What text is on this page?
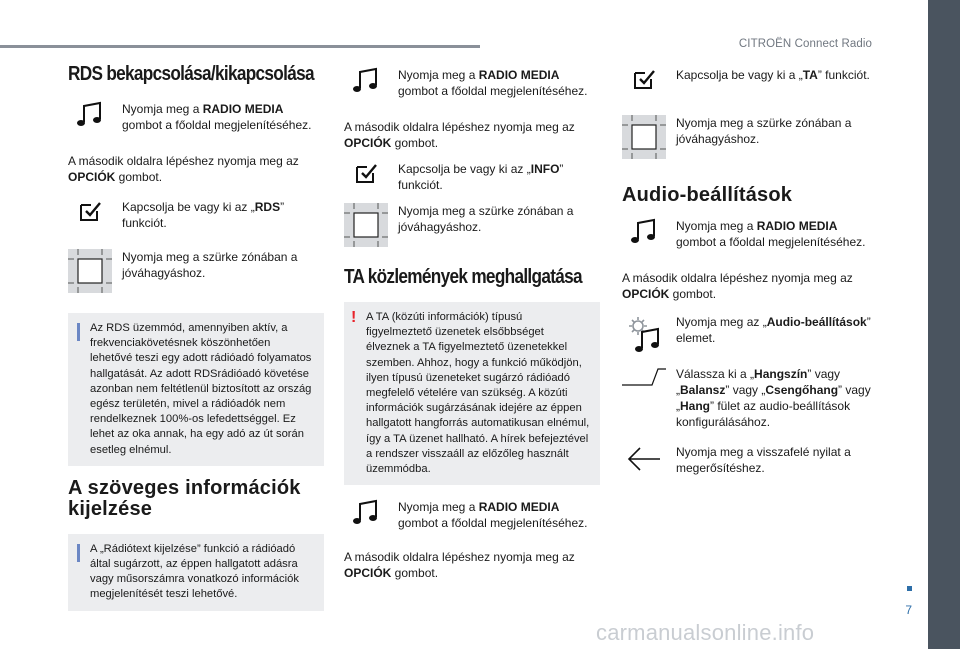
CITROËN Connect Radio
7
carmanualsonline.info
RDS bekapcsolása/kikapcsolása
Nyomja meg a RADIO MEDIA gombot a főoldal megjelenítéséhez.
A második oldalra lépéshez nyomja meg az OPCIÓK gombot.
Kapcsolja be vagy ki az „RDS” funkciót.
Nyomja meg a szürke zónában a jóváhagyáshoz.
Az RDS üzemmód, amennyiben aktív, a frekvenciakövetésnek köszönhetően lehetővé teszi egy adott rádióadó folyamatos hallgatását. Az adott RDSrádióadó követése azonban nem feltétlenül biztosított az ország egész területén, mivel a rádióadók nem rendelkeznek 100%-os lefedettséggel. Ez lehet az oka annak, ha egy adó az út során esetleg elnémul.
A szöveges információk kijelzése
A „Rádiótext kijelzése” funkció a rádióadó által sugárzott, az éppen hallgatott adásra vagy műsorszámra vonatkozó információk megjelenítését teszi lehetővé.
Nyomja meg a RADIO MEDIA gombot a főoldal megjelenítéséhez.
A második oldalra lépéshez nyomja meg az OPCIÓK gombot.
Kapcsolja be vagy ki az „INFO” funkciót.
Nyomja meg a szürke zónában a jóváhagyáshoz.
TA közlemények meghallgatása
! A TA (közúti információk) típusú figyelmeztető üzenetek elsőbbséget élveznek a TA figyelmeztető üzenetekkel szemben. Ahhoz, hogy a funkció működjön, ilyen típusú üzeneteket sugárzó rádióadó megfelelő vételére van szükség. A közúti információk sugárzásának idejére az éppen hallgatott hangforrás automatikusan elnémul, így a TA üzenet hallható. A hírek befejeztével a rendszer visszaáll az előzőleg használt üzemmódba.
Nyomja meg a RADIO MEDIA gombot a főoldal megjelenítéséhez.
A második oldalra lépéshez nyomja meg az OPCIÓK gombot.
Kapcsolja be vagy ki a „TA” funkciót.
Nyomja meg a szürke zónában a jóváhagyáshoz.
Audio-beállítások
Nyomja meg a RADIO MEDIA gombot a főoldal megjelenítéséhez.
A második oldalra lépéshez nyomja meg az OPCIÓK gombot.
Nyomja meg az „Audio-beállítások” elemet.
Válassza ki a „Hangszín” vagy „Balansz” vagy „Csengőhang” vagy „Hang” fület az audio-beállítások konfigurálásához.
Nyomja meg a visszafelé nyilat a megerősítéshez.
